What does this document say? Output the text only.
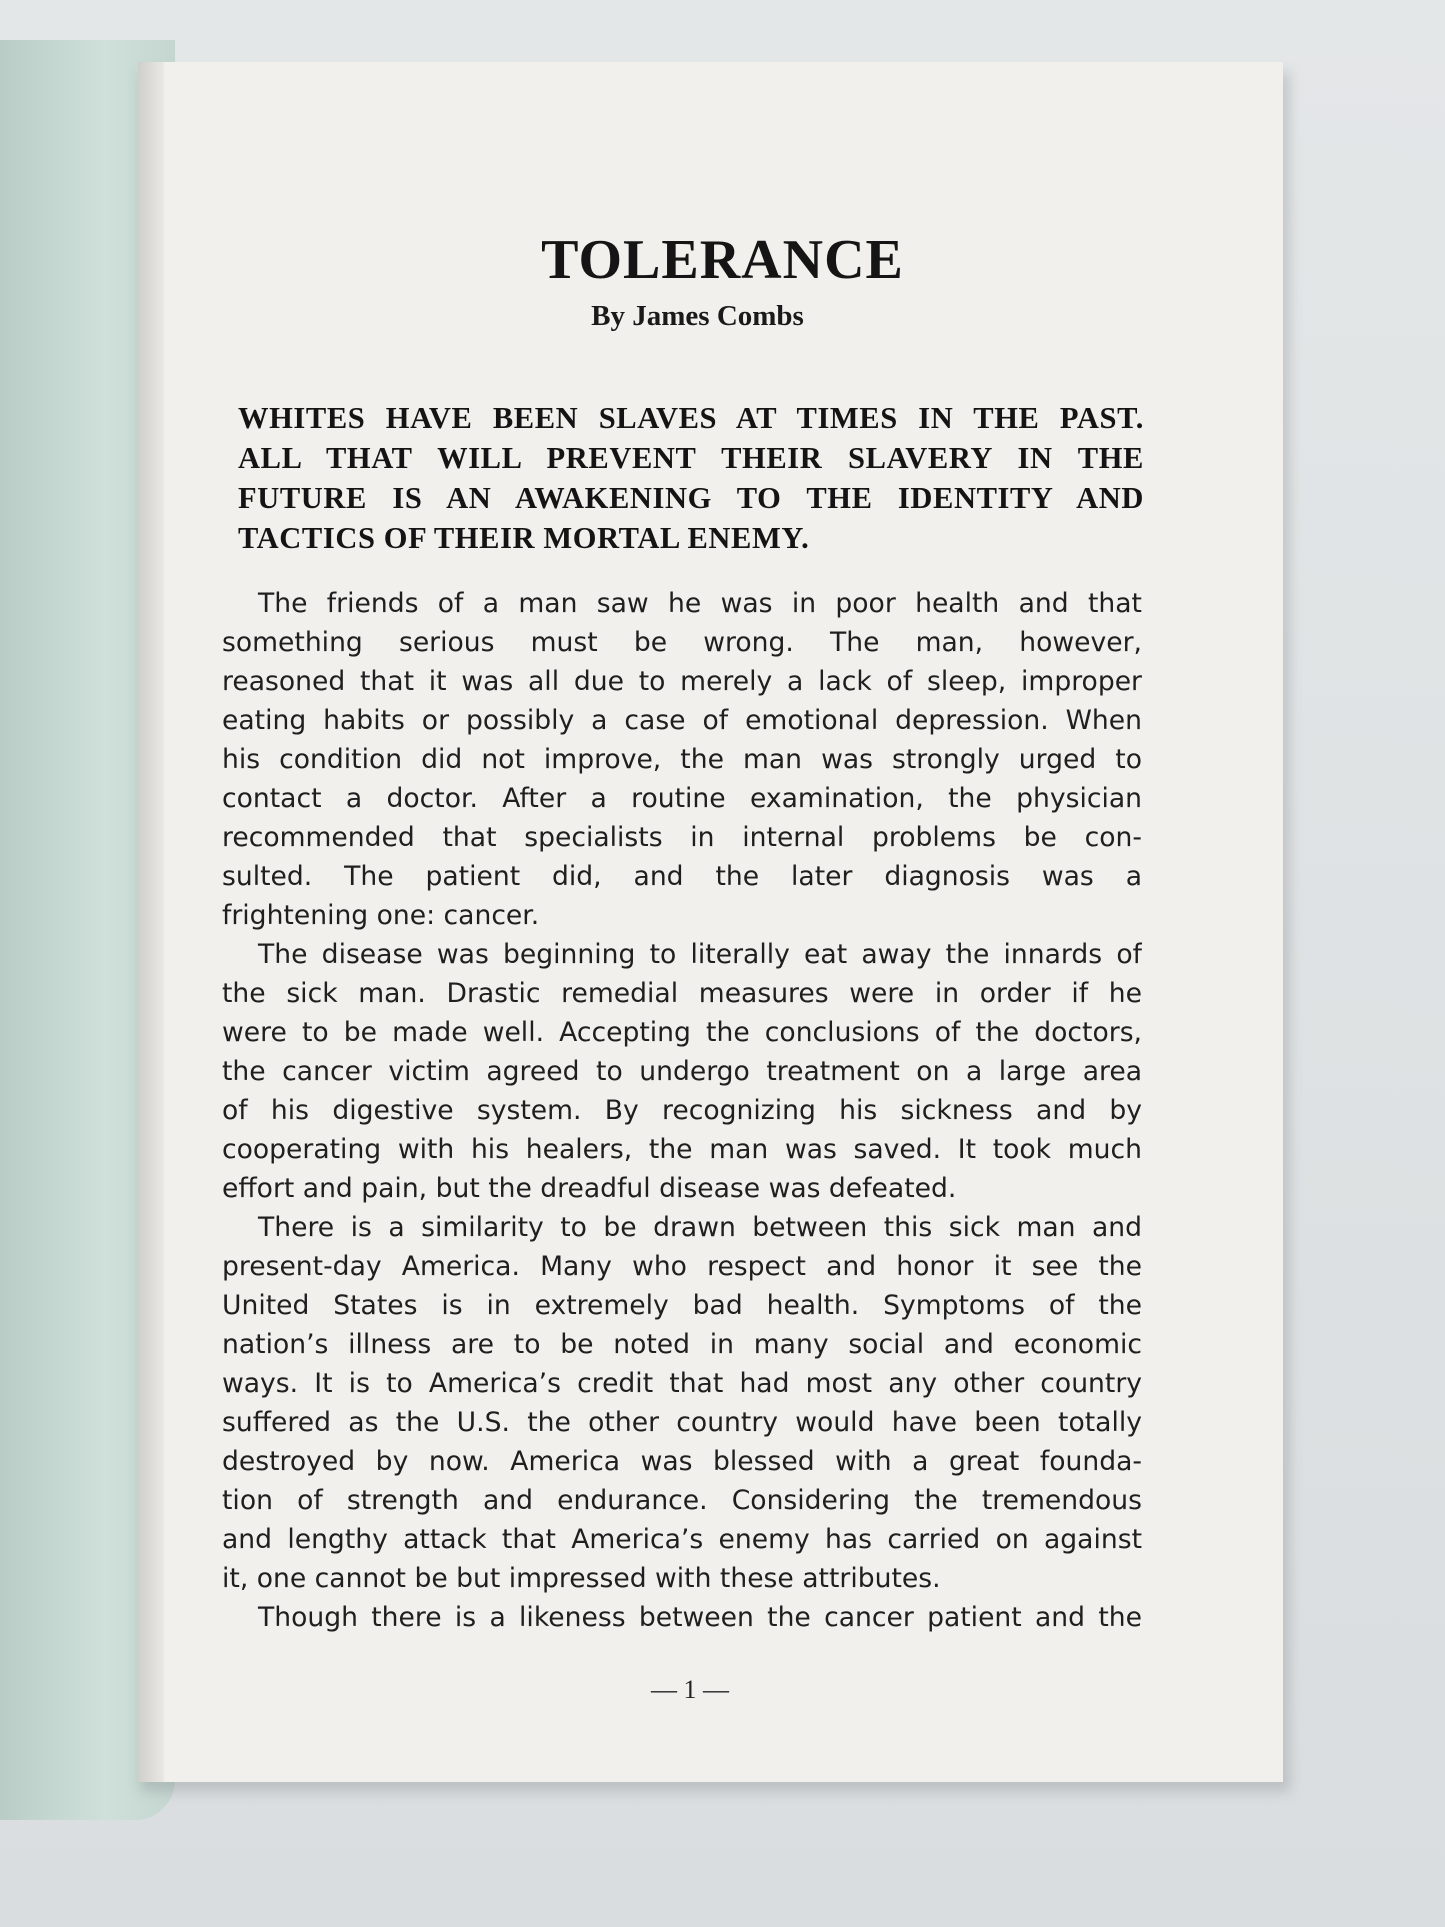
TOLERANCE
By James Combs
WHITES HAVE BEEN SLAVES AT TIMES IN THE PAST.
ALL THAT WILL PREVENT THEIR SLAVERY IN THE
FUTURE IS AN AWAKENING TO THE IDENTITY AND
TACTICS OF THEIR MORTAL ENEMY.
The friends of a man saw he was in poor health and that
something serious must be wrong. The man, however,
reasoned that it was all due to merely a lack of sleep, improper
eating habits or possibly a case of emotional depression. When
his condition did not improve, the man was strongly urged to
contact a doctor. After a routine examination, the physician
recommended that specialists in internal problems be con-
sulted. The patient did, and the later diagnosis was a
frightening one: cancer.
The disease was beginning to literally eat away the innards of
the sick man. Drastic remedial measures were in order if he
were to be made well. Accepting the conclusions of the doctors,
the cancer victim agreed to undergo treatment on a large area
of his digestive system. By recognizing his sickness and by
cooperating with his healers, the man was saved. It took much
effort and pain, but the dreadful disease was defeated.
There is a similarity to be drawn between this sick man and
present-day America. Many who respect and honor it see the
United States is in extremely bad health. Symptoms of the
nation’s illness are to be noted in many social and economic
ways. It is to America’s credit that had most any other country
suffered as the U.S. the other country would have been totally
destroyed by now. America was blessed with a great founda-
tion of strength and endurance. Considering the tremendous
and lengthy attack that America’s enemy has carried on against
it, one cannot be but impressed with these attributes.
Though there is a likeness between the cancer patient and the
— 1 —
